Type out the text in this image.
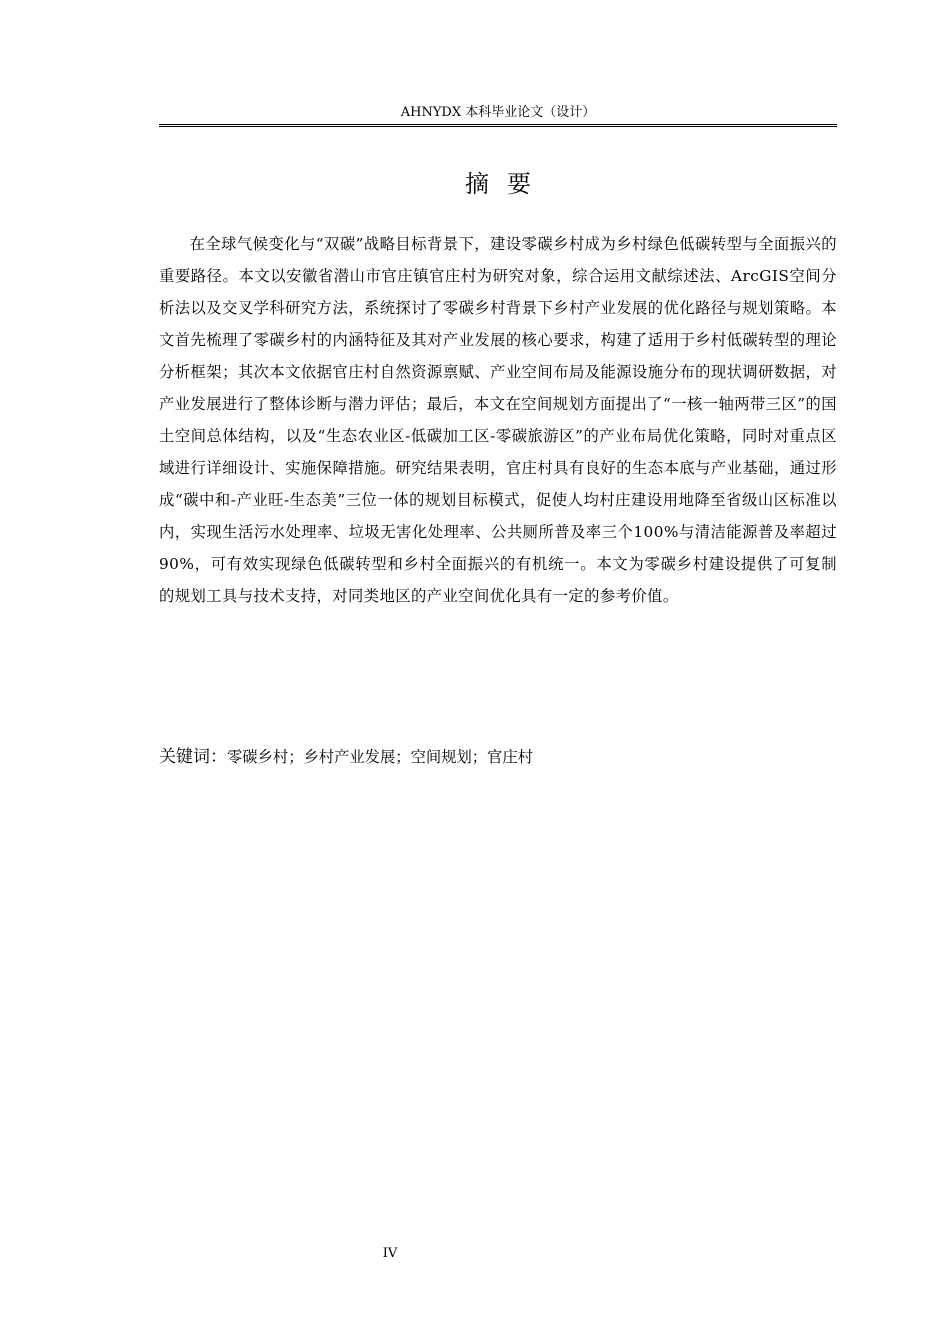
AHNYDX 本科毕业论文（设计）
摘要

在全球气候变化与“双碳”战略目标背景下，建设零碳乡村成为乡村绿色低碳转型与全面振兴的重要路径。本文以安徽省潜山市官庄镇官庄村为研究对象，综合运用文献综述法、ArcGIS空间分析法以及交叉学科研究方法，系统探讨了零碳乡村背景下乡村产业发展的优化路径与规划策略。本文首先梳理了零碳乡村的内涵特征及其对产业发展的核心要求，构建了适用于乡村低碳转型的理论分析框架；其次本文依据官庄村自然资源禀赋、产业空间布局及能源设施分布的现状调研数据，对产业发展进行了整体诊断与潜力评估；最后，本文在空间规划方面提出了“一核一轴两带三区”的国土空间总体结构，以及“生态农业区-低碳加工区-零碳旅游区”的产业布局优化策略，同时对重点区域进行详细设计、实施保障措施。研究结果表明，官庄村具有良好的生态本底与产业基础，通过形成“碳中和-产业旺-生态美”三位一体的规划目标模式，促使人均村庄建设用地降至省级山区标准以内，实现生活污水处理率、垃圾无害化处理率、公共厕所普及率三个100%与清洁能源普及率超过90%，可有效实现绿色低碳转型和乡村全面振兴的有机统一。本文为零碳乡村建设提供了可复制的规划工具与技术支持，对同类地区的产业空间优化具有一定的参考价值。

关键词：零碳乡村；乡村产业发展；空间规划；官庄村

IV
